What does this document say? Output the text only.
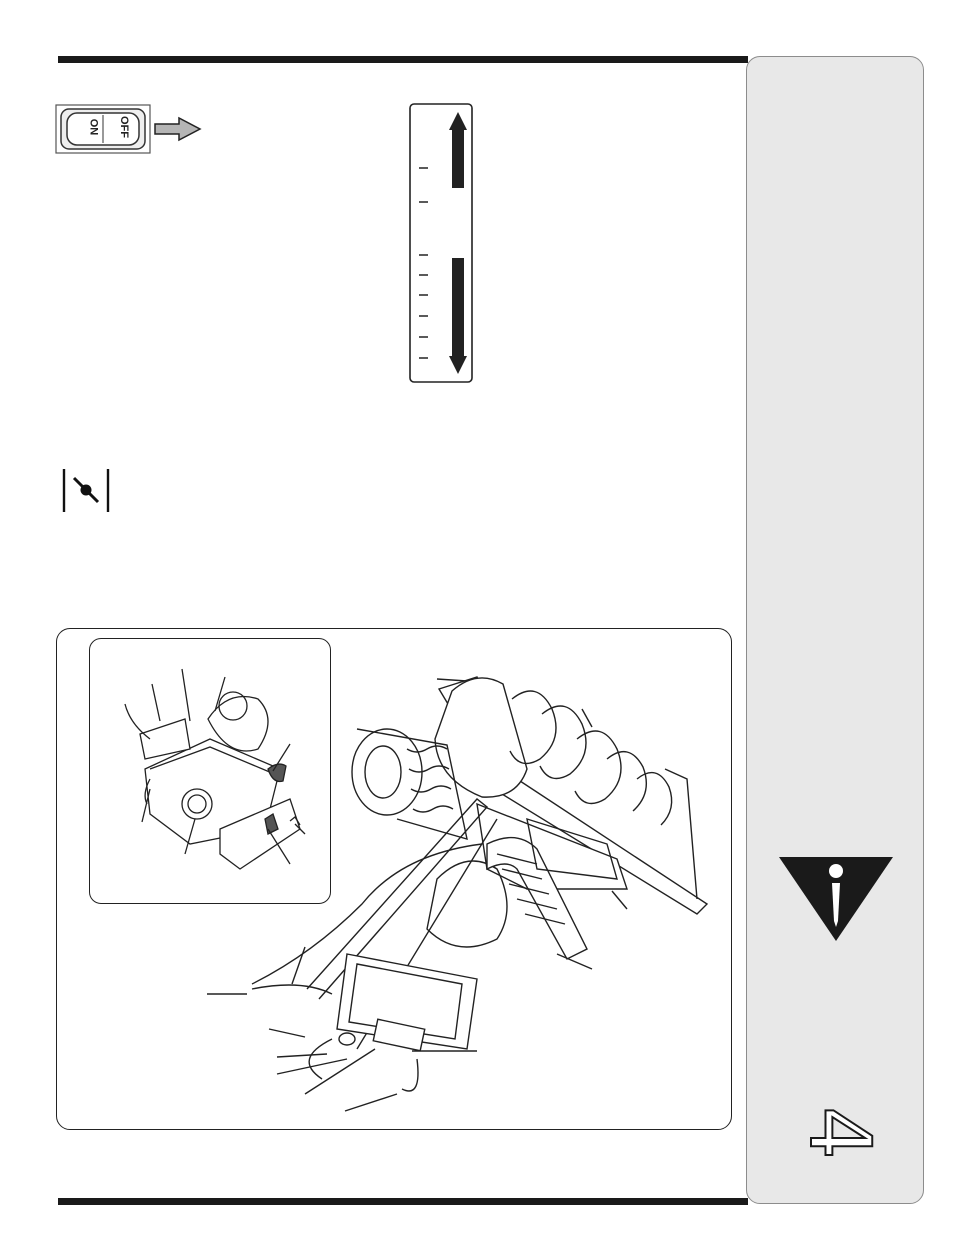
ON OFF
4
